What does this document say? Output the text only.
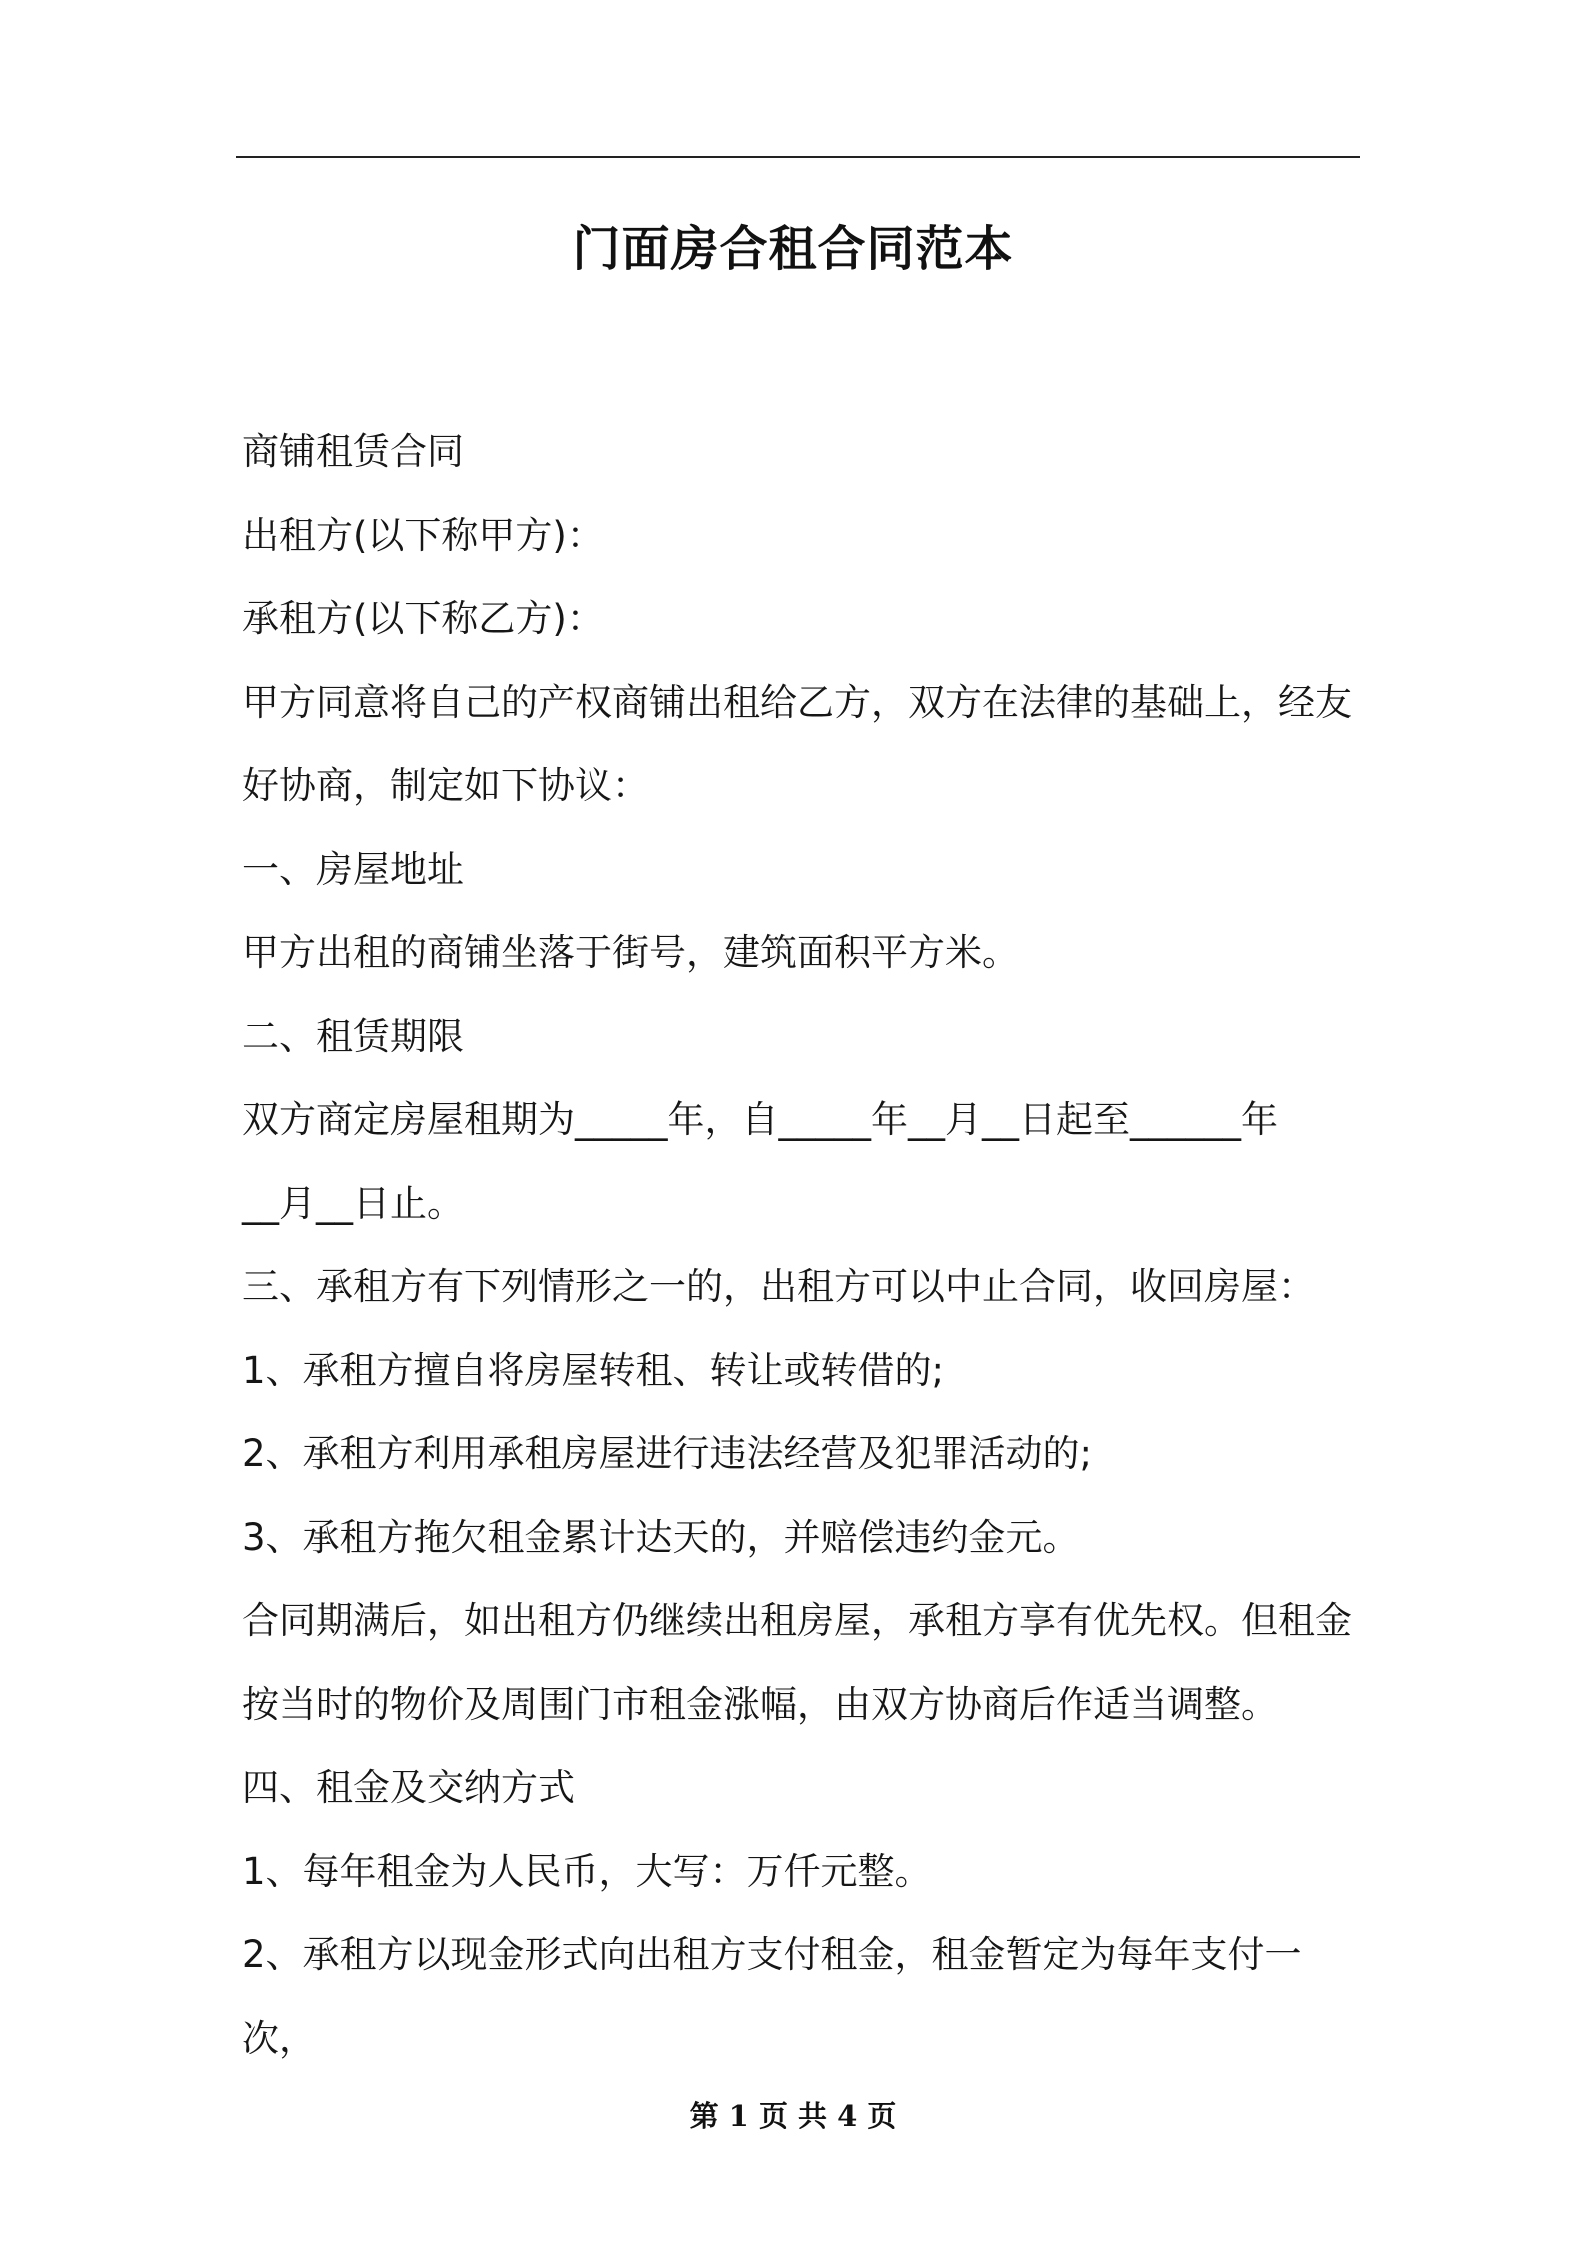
门面房合租合同范本

商铺租赁合同

出租方(以下称甲方)：

承租方(以下称乙方)：

甲方同意将自己的产权商铺出租给乙方，双方在法律的基础上，经友

好协商，制定如下协议：

一、房屋地址

甲方出租的商铺坐落于街号，建筑面积平方米。

二、租赁期限

双方商定房屋租期为_____年，自_____年__月__日起至______年

__月__日止。

三、承租方有下列情形之一的，出租方可以中止合同，收回房屋：

1、承租方擅自将房屋转租、转让或转借的;

2、承租方利用承租房屋进行违法经营及犯罪活动的;

3、承租方拖欠租金累计达天的，并赔偿违约金元。

合同期满后，如出租方仍继续出租房屋，承租方享有优先权。但租金

按当时的物价及周围门市租金涨幅，由双方协商后作适当调整。

四、租金及交纳方式

1、每年租金为人民币，大写：万仟元整。

2、承租方以现金形式向出租方支付租金，租金暂定为每年支付一次，

第 1 页 共 4 页
